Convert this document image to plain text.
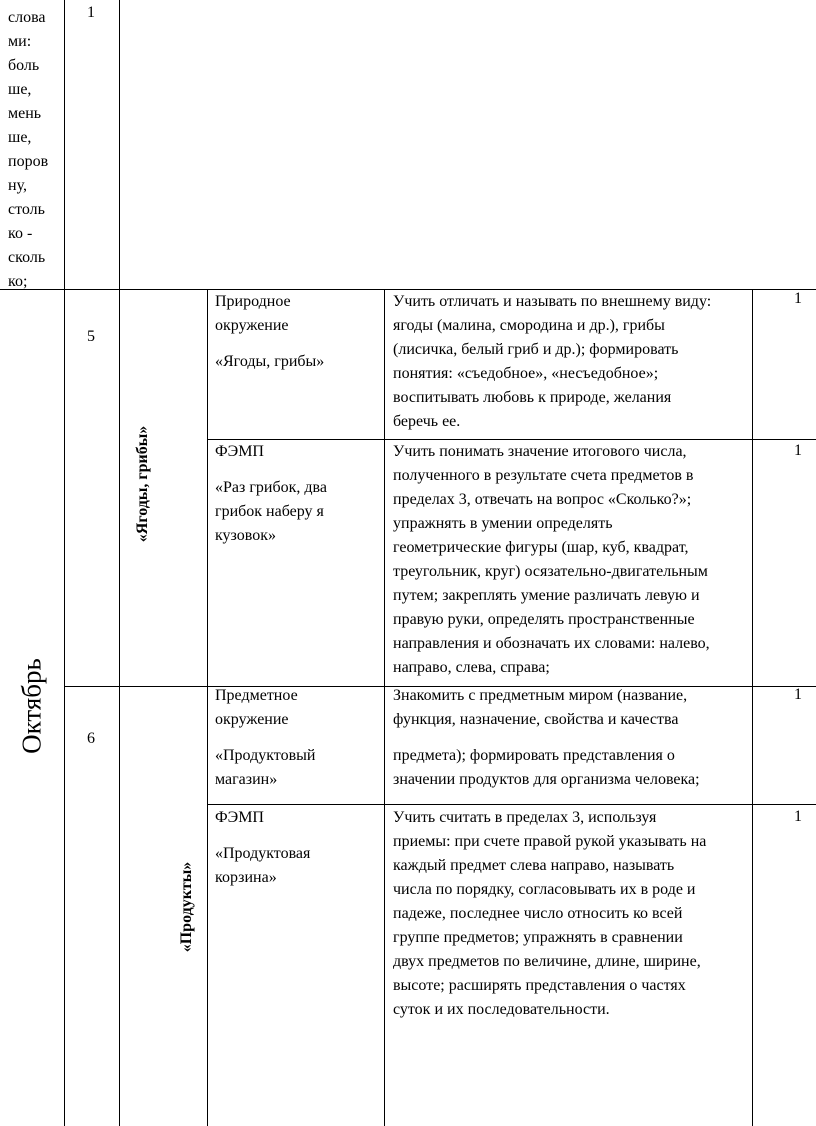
слова
ми:
боль
ше,
мень
ше,
поров
ну,
столь
ко -
сколь
ко;
1
Октябрь
5
«Ягоды, грибы»
Природное
окружение
«Ягоды, грибы»
Учить отличать и называть по внешнему виду:
ягоды (малина, смородина и др.), грибы
(лисичка, белый гриб и др.); формировать
понятия: «съедобное», «несъедобное»;
воспитывать любовь к природе, желания
беречь ее.
1
ФЭМП
«Раз грибок, два
грибок наберу я
кузовок»
Учить понимать значение итогового числа,
полученного в результате счета предметов в
пределах 3, отвечать на вопрос «Сколько?»;
упражнять в умении определять
геометрические фигуры (шар, куб, квадрат,
треугольник, круг) осязательно-двигательным
путем; закреплять умение различать левую и
правую руки, определять пространственные
направления и обозначать их словами: налево,
направо, слева, справа;
1
6
«Продукты»
Предметное
окружение
«Продуктовый
магазин»
Знакомить с предметным миром (название,
функция, назначение, свойства и качества
предмета); формировать представления о
значении продуктов для организма человека;
1
ФЭМП
«Продуктовая
корзина»
Учить считать в пределах 3, используя
приемы: при счете правой рукой указывать на
каждый предмет слева направо, называть
числа по порядку, согласовывать их в роде и
падеже, последнее число относить ко всей
группе предметов; упражнять в сравнении
двух предметов по величине, длине, ширине,
высоте; расширять представления о частях
суток и их последовательности.
1
